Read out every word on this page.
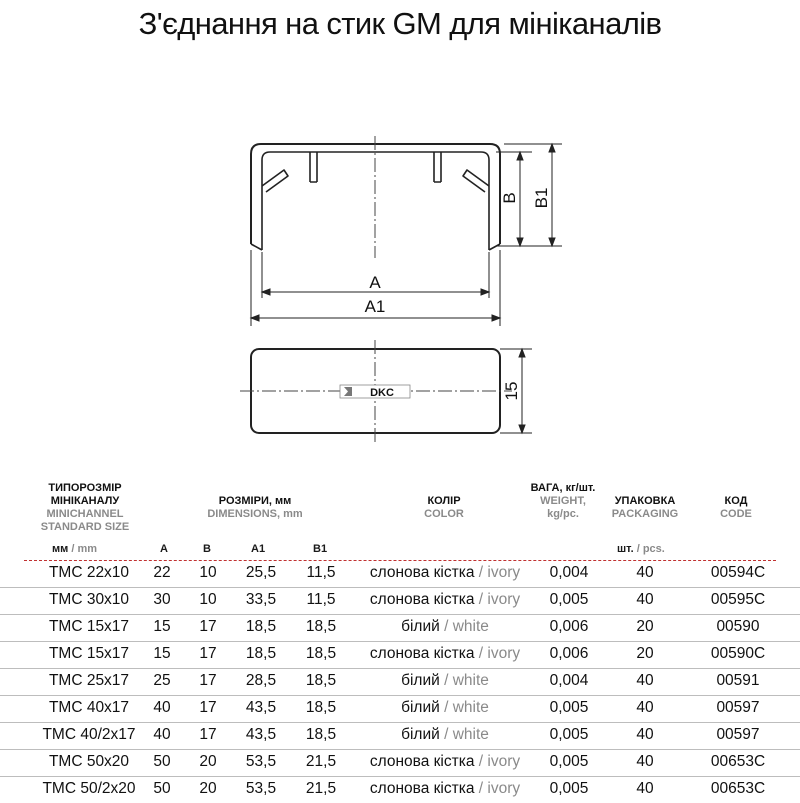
З'єднання на стик GM для мініканалів
B B1
A
A1
DKC	15
ТИПОРОЗМІР МІНІКАНАЛУ
MINICHANNEL STANDARD SIZE
РОЗМІРИ, мм
DIMENSIONS, mm
КОЛІР
COLOR
ВАГА, кг/шт.
WEIGHT, kg/pc.
УПАКОВКА
PACKAGING
КОД
CODE
мм / mm	A	B	A1	B1	шт. / pcs.
TMC 22x10	22	10	25,5	11,5	слонова кістка / ivory	0,004	40	00594C
TMC 30x10	30	10	33,5	11,5	слонова кістка / ivory	0,005	40	00595C
TMC 15x17	15	17	18,5	18,5	білий / white	0,006	20	00590
TMC 15x17	15	17	18,5	18,5	слонова кістка / ivory	0,006	20	00590C
TMC 25x17	25	17	28,5	18,5	білий / white	0,004	40	00591
TMC 40x17	40	17	43,5	18,5	білий / white	0,005	40	00597
TMC 40/2x17	40	17	43,5	18,5	білий / white	0,005	40	00597
TMC 50x20	50	20	53,5	21,5	слонова кістка / ivory	0,005	40	00653C
TMC 50/2x20	50	20	53,5	21,5	слонова кістка / ivory	0,005	40	00653C
